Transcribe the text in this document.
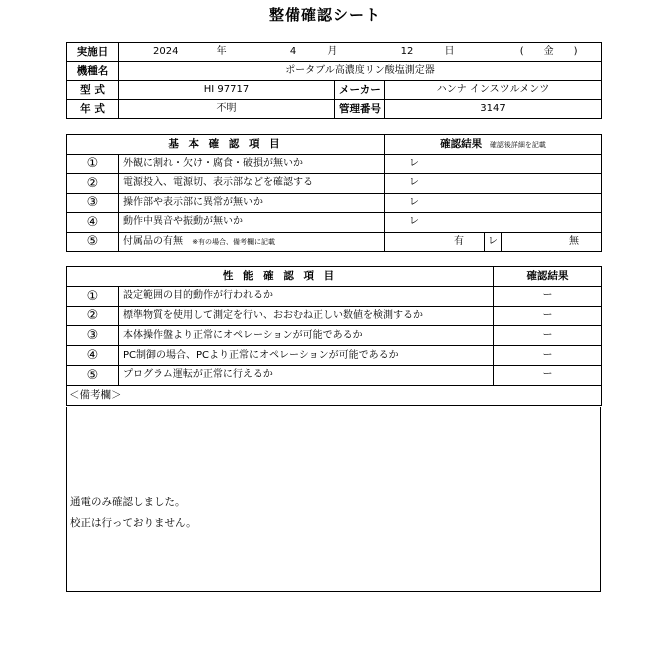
整備確認シート
実施日	2024 年 4 月 12 日 (　　金　　)		
機種名	ポータブル高濃度リン酸塩測定器		
型 式	HI 97717	メーカー	ハンナ インスツルメンツ
年 式	不明	管理番号	3147
基 本 確 認 項 目		確認結果 確認後詳細を記載		
①	外観に割れ・欠け・腐食・破損が無いか	レ		
②	電源投入、電源切、表示部などを確認する	レ		
③	操作部や表示部に異常が無いか	レ		
④	動作中異音や振動が無いか	レ		
⑤	付属品の有無 ※有の場合、備考欄に記載	有	レ	無
性 能 確 認 項 目		確認結果
①	設定範囲の目的動作が行われるか	ー
②	標準物質を使用して測定を行い、おおむね正しい数値を検測するか	ー
③	本体操作盤より正常にオペレーションが可能であるか	ー
④	PC制御の場合、PCより正常にオペレーションが可能であるか	ー
⑤	プログラム運転が正常に行えるか	ー
＜備考欄＞		
通電のみ確認しました。
校正は行っておりません。
